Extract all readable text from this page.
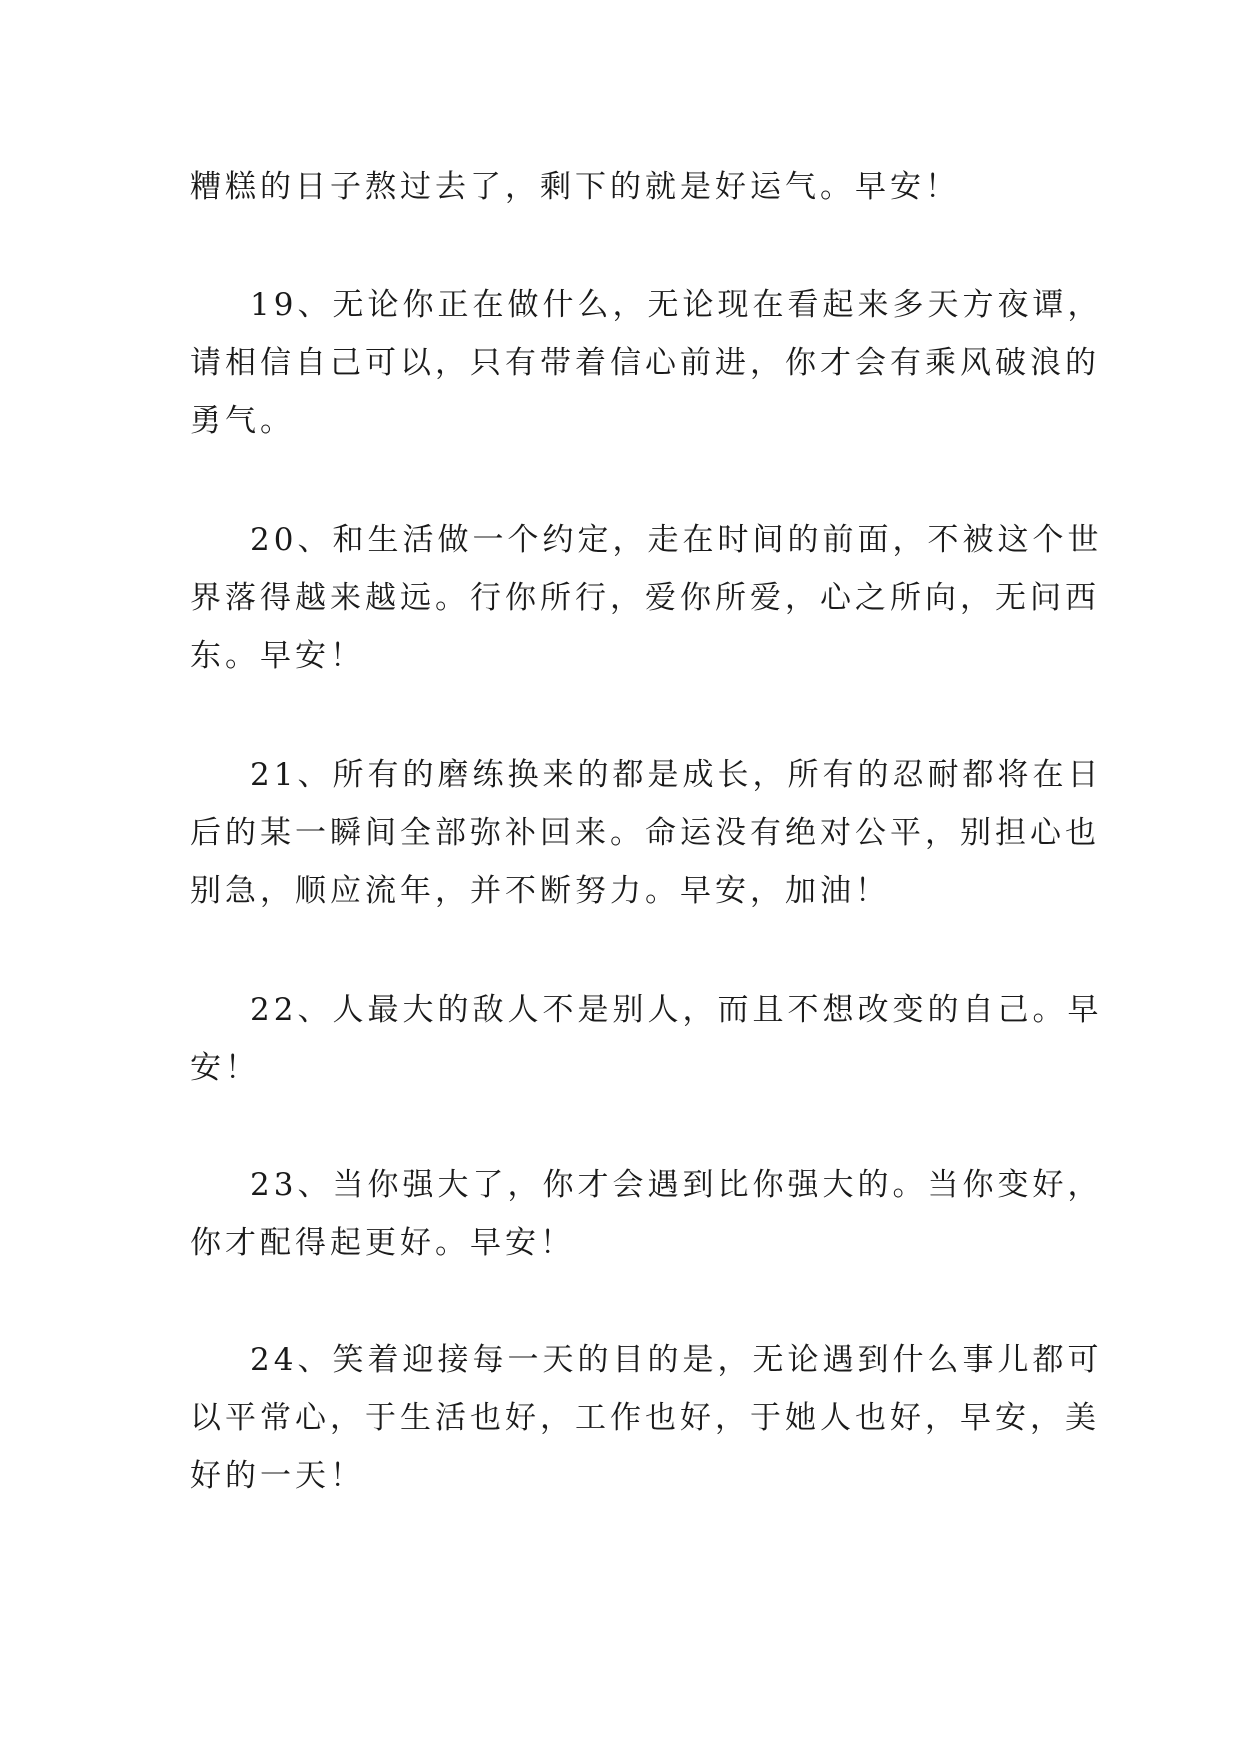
糟糕的日子熬过去了，剩下的就是好运气。早安！

19、无论你正在做什么，无论现在看起来多天方夜谭，
请相信自己可以，只有带着信心前进，你才会有乘风破浪的
勇气。

20、和生活做一个约定，走在时间的前面，不被这个世
界落得越来越远。行你所行，爱你所爱，心之所向，无问西
东。早安！

21、所有的磨练换来的都是成长，所有的忍耐都将在日
后的某一瞬间全部弥补回来。命运没有绝对公平，别担心也
别急，顺应流年，并不断努力。早安，加油！

22、人最大的敌人不是别人，而且不想改变的自己。早
安！

23、当你强大了，你才会遇到比你强大的。当你变好，
你才配得起更好。早安！

24、笑着迎接每一天的目的是，无论遇到什么事儿都可
以平常心，于生活也好，工作也好，于她人也好，早安，美
好的一天！
